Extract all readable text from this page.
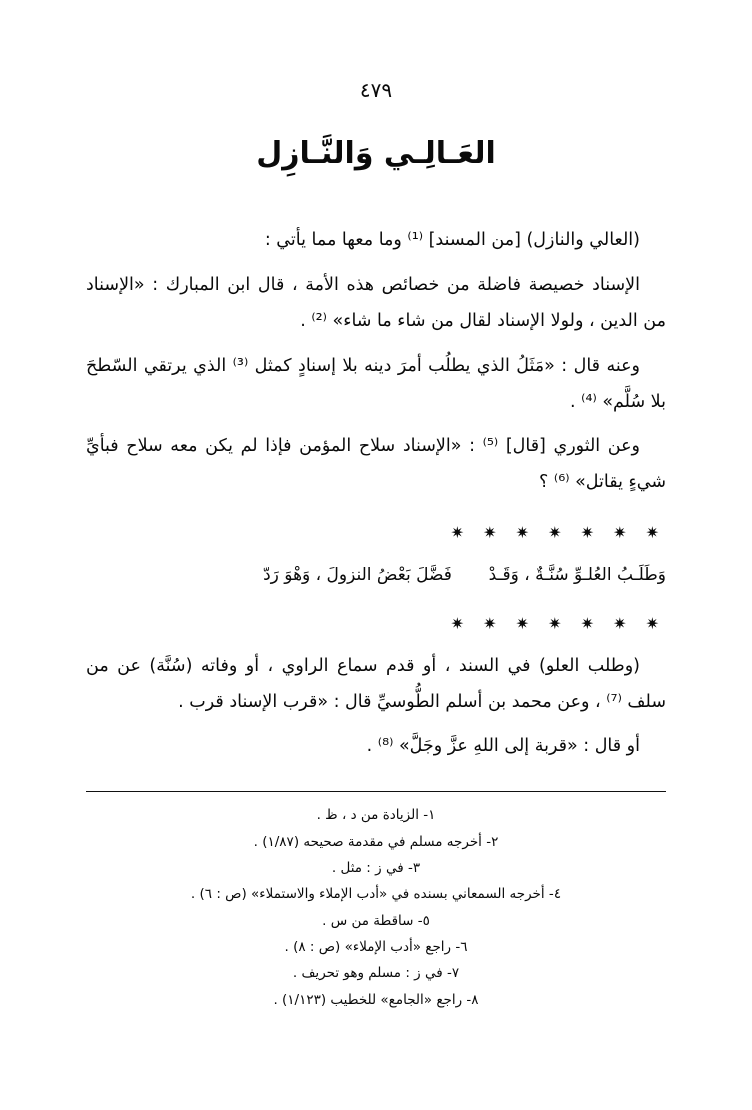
٤٧٩
العَـالِـي وَالنَّـازِل

(العالي والنازل) [من المسند] ⁽¹⁾ وما معها مما يأتي :

الإسناد خصيصة فاضلة من خصائص هذه الأمة ، قال ابن المبارك : «الإسناد من الدين ، ولولا الإسناد لقال من شاء ما شاء» ⁽²⁾ .

وعنه قال : «مَثَلُ الذي يطلُب أمرَ دينه بلا إسنادٍ كمثل ⁽³⁾ الذي يرتقي السّطحَ بلا سُلَّم» ⁽⁴⁾ .

وعن الثوري [قال] ⁽⁵⁾ : «الإسناد سلاح المؤمن فإذا لم يكن معه سلاح فبأيِّ شيءٍ يقاتل» ⁽⁶⁾ ؟

✷ ✷ ✷ ✷ ✷ ✷ ✷
وَطَلَـبُ العُلـوِّ سُنَّـةٌ ، وَقَـدْ  فَضَّلَ بَعْضُ النزولَ ، وَهْوَ رَدّ
✷ ✷ ✷ ✷ ✷ ✷ ✷

(وطلب العلو) في السند ، أو قدم سماع الراوي ، أو وفاته (سُنَّة) عن من سلف ⁽⁷⁾ ، وعن محمد بن أسلم الطُّوسيِّ قال : «قرب الإسناد قرب .

أو قال : «قربة إلى اللهِ عزَّ وجَلَّ» ⁽⁸⁾ .

١- الزيادة من د ، ظ .

٢- أخرجه مسلم في مقدمة صحيحه (١/٨٧) .

٣- في ز : مثل .

٤- أخرجه السمعاني بسنده في «أدب الإملاء والاستملاء» (ص : ٦) .

٥- ساقطة من س .

٦- راجع «أدب الإملاء» (ص : ٨) .

٧- في ز : مسلم وهو تحريف .

٨- راجع «الجامع» للخطيب (١/١٢٣) .
